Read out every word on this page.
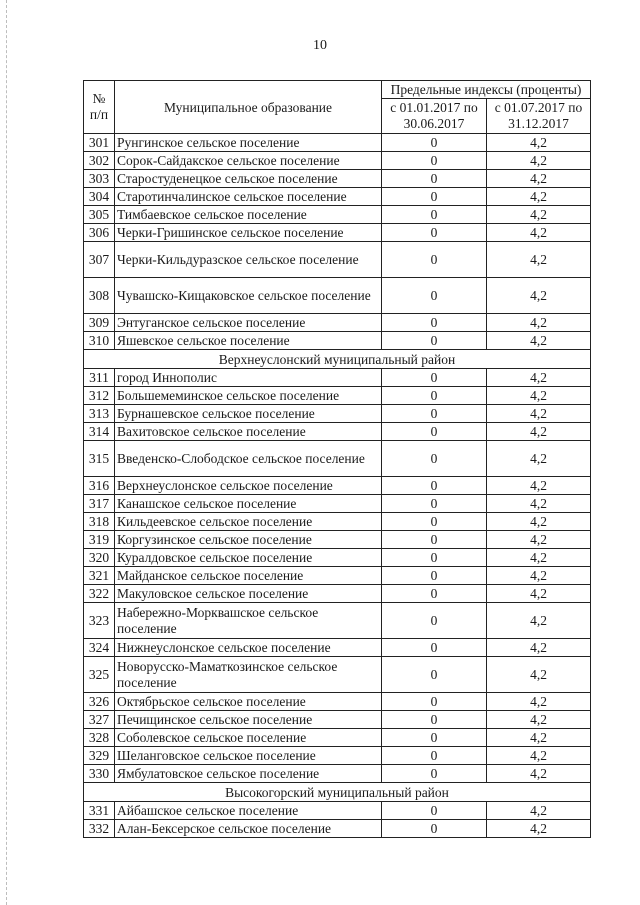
10
№ п/п	Муниципальное образование	Предельные индексы (проценты)	
		с 01.01.2017 по 30.06.2017	с 01.07.2017 по 31.12.2017
301	Рунгинское сельское поселение	0	4,2
302	Сорок-Сайдакское сельское поселение	0	4,2
303	Старостуденецкое сельское поселение	0	4,2
304	Старотинчалинское сельское поселение	0	4,2
305	Тимбаевское сельское поселение	0	4,2
306	Черки-Гришинское сельское поселение	0	4,2
307	Черки-Кильдуразское сельское поселение	0	4,2
308	Чувашско-Кищаковское сельское поселение	0	4,2
309	Энтуганское сельское поселение	0	4,2
310	Яшевское сельское поселение	0	4,2
Верхнеуслонский муниципальный район			
311	город Иннополис	0	4,2
312	Большемеминское сельское поселение	0	4,2
313	Бурнашевское сельское поселение	0	4,2
314	Вахитовское сельское поселение	0	4,2
315	Введенско-Слободское сельское поселение	0	4,2
316	Верхнеуслонское сельское поселение	0	4,2
317	Канашское сельское поселение	0	4,2
318	Кильдеевское сельское поселение	0	4,2
319	Коргузинское сельское поселение	0	4,2
320	Куралдовское сельское поселение	0	4,2
321	Майданское сельское поселение	0	4,2
322	Макуловское сельское поселение	0	4,2
323	Набережно-Морквашское сельское поселение	0	4,2
324	Нижнеуслонское сельское поселение	0	4,2
325	Новорусско-Маматкозинское сельское поселение	0	4,2
326	Октябрьское сельское поселение	0	4,2
327	Печищинское сельское поселение	0	4,2
328	Соболевское сельское поселение	0	4,2
329	Шеланговское сельское поселение	0	4,2
330	Ямбулатовское сельское поселение	0	4,2
Высокогорский муниципальный район			
331	Айбашское сельское поселение	0	4,2
332	Алан-Бексерское сельское поселение	0	4,2
